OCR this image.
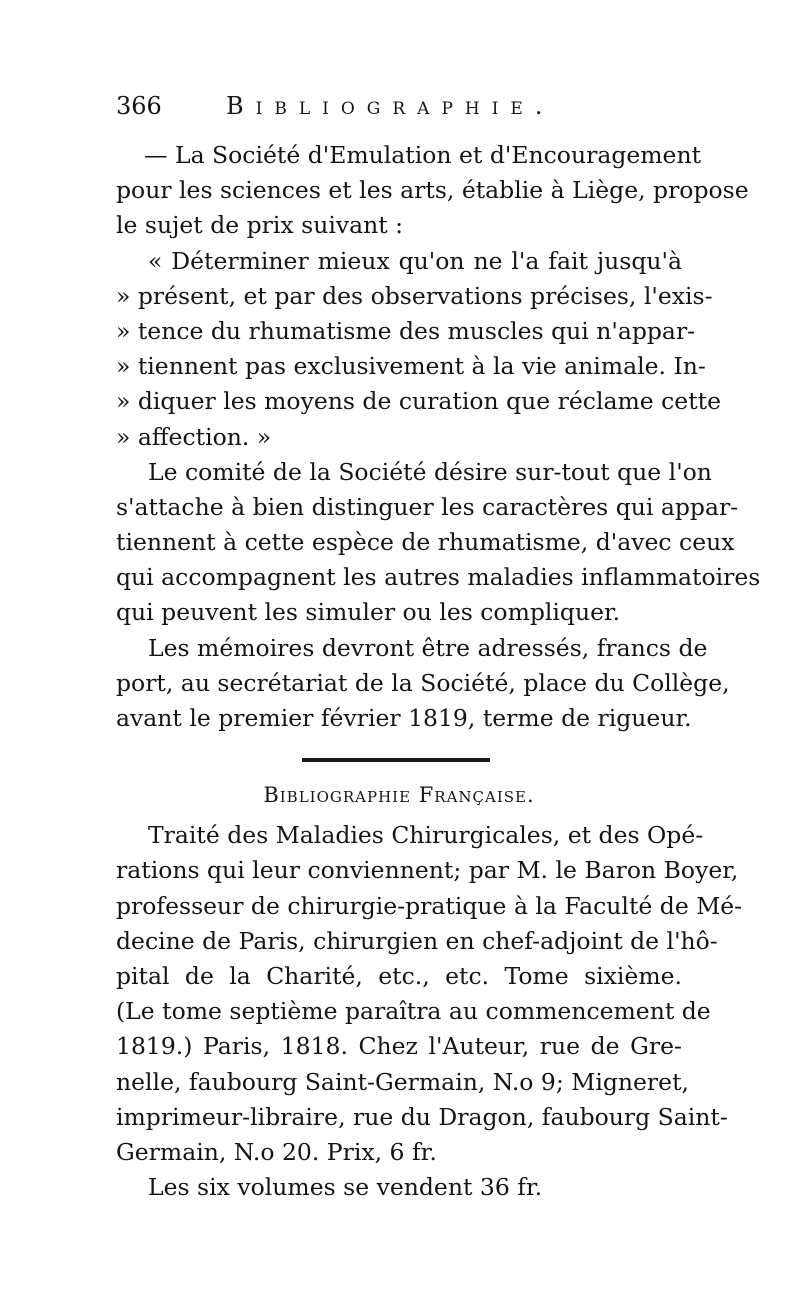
366	Bibliographie.
— La Société d'Emulation et d'Encouragement
pour les sciences et les arts, établie à Liège, propose
le sujet de prix suivant :
« Déterminer mieux qu'on ne l'a fait jusqu'à
» présent, et par des observations précises, l'exis-
» tence du rhumatisme des muscles qui n'appar-
» tiennent pas exclusivement à la vie animale. In-
» diquer les moyens de curation que réclame cette
» affection. »
Le comité de la Société désire sur-tout que l'on
s'attache à bien distinguer les caractères qui appar-
tiennent à cette espèce de rhumatisme, d'avec ceux
qui accompagnent les autres maladies inflammatoires
qui peuvent les simuler ou les compliquer.
Les mémoires devront être adressés, francs de
port, au secrétariat de la Société, place du Collège,
avant le premier février 1819, terme de rigueur.
Bibliographie Française.
Traité des Maladies Chirurgicales, et des Opé-
rations qui leur conviennent; par M. le Baron Boyer,
professeur de chirurgie-pratique à la Faculté de Mé-
decine de Paris, chirurgien en chef-adjoint de l'hô-
pital de la Charité, etc., etc. Tome sixième.
(Le tome septième paraîtra au commencement de
1819.) Paris, 1818. Chez l'Auteur, rue de Gre-
nelle, faubourg Saint-Germain, N.o 9; Migneret,
imprimeur-libraire, rue du Dragon, faubourg Saint-
Germain, N.o 20. Prix, 6 fr.
Les six volumes se vendent 36 fr.
